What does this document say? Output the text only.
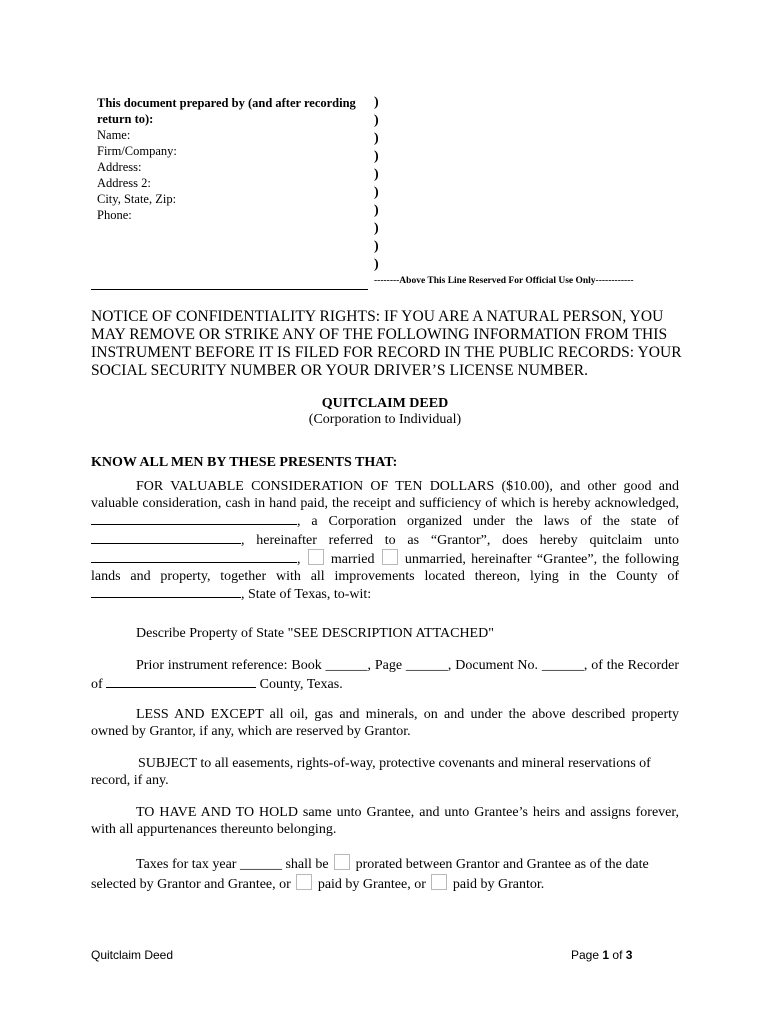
This document prepared by (and after recording
return to):
Name:
Firm/Company:
Address:
Address 2:
City, State, Zip:
Phone:
)
)
)
)
)
)
)
)
)
)
--------Above This Line Reserved For Official Use Only------------
NOTICE OF CONFIDENTIALITY RIGHTS: IF YOU ARE A NATURAL PERSON, YOU MAY REMOVE OR STRIKE ANY OF THE FOLLOWING INFORMATION FROM THIS INSTRUMENT BEFORE IT IS FILED FOR RECORD IN THE PUBLIC RECORDS: YOUR SOCIAL SECURITY NUMBER OR YOUR DRIVER’S LICENSE NUMBER.
QUITCLAIM DEED
(Corporation to Individual)
KNOW ALL MEN BY THESE PRESENTS THAT:
FOR VALUABLE CONSIDERATION OF TEN DOLLARS ($10.00), and other good and valuable consideration, cash in hand paid, the receipt and sufficiency of which is hereby acknowledged, , a Corporation organized under the laws of the state of , hereinafter referred to as “Grantor”, does hereby quitclaim unto , married unmarried, hereinafter “Grantee”, the following lands and property, together with all improvements located thereon, lying in the County of , State of Texas, to-wit:
Describe Property of State "SEE DESCRIPTION ATTACHED"
Prior instrument reference: Book ______, Page ______, Document No. ______, of the Recorder of	County, Texas.
LESS AND EXCEPT all oil, gas and minerals, on and under the above described property owned by Grantor, if any, which are reserved by Grantor.
SUBJECT to all easements, rights-of-way, protective covenants and mineral reservations of record, if any.
TO HAVE AND TO HOLD same unto Grantee, and unto Grantee’s heirs and assigns forever, with all appurtenances thereunto belonging.
Taxes for tax year ______ shall be prorated between Grantor and Grantee as of the date selected by Grantor and Grantee, or paid by Grantee, or paid by Grantor.
Quitclaim Deed	Page 1 of 3
